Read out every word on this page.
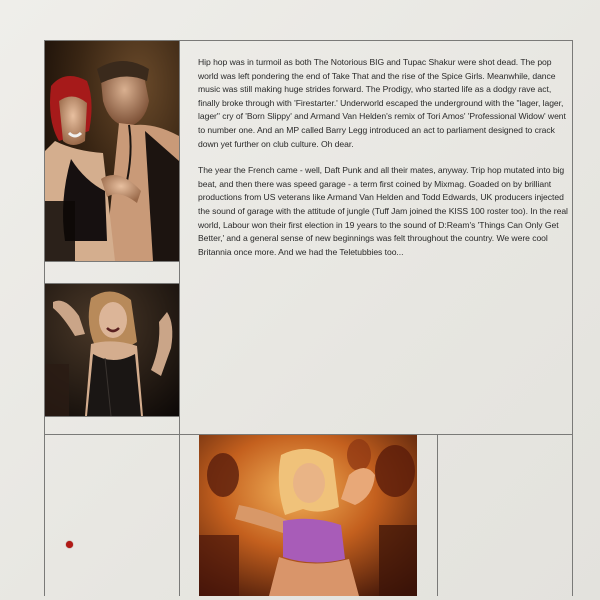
Hip hop was in turmoil as both The Notorious BIG and Tupac Shakur were shot dead. The pop world was left pondering the end of Take That and the rise of the Spice Girls. Meanwhile, dance music was still making huge strides forward. The Prodigy, who started life as a dodgy rave act, finally broke through with 'Firestarter.' Underworld escaped the underground with the "lager, lager, lager" cry of 'Born Slippy' and Armand Van Helden's remix of Tori Amos' 'Professional Widow' went to number one. And an MP called Barry Legg introduced an act to parliament designed to crack down yet further on club culture. Oh dear.

The year the French came - well, Daft Punk and all their mates, anyway. Trip hop mutated into big beat, and then there was speed garage - a term first coined by Mixmag. Goaded on by brilliant productions from US veterans like Armand Van Helden and Todd Edwards, UK producers injected the sound of garage with the attitude of jungle (Tuff Jam joined the KISS 100 roster too). In the real world, Labour won their first election in 19 years to the sound of D:Ream's 'Things Can Only Get Better,' and a general sense of new beginnings was felt throughout the country. We were cool Britannia once more. And we had the Teletubbies too...
